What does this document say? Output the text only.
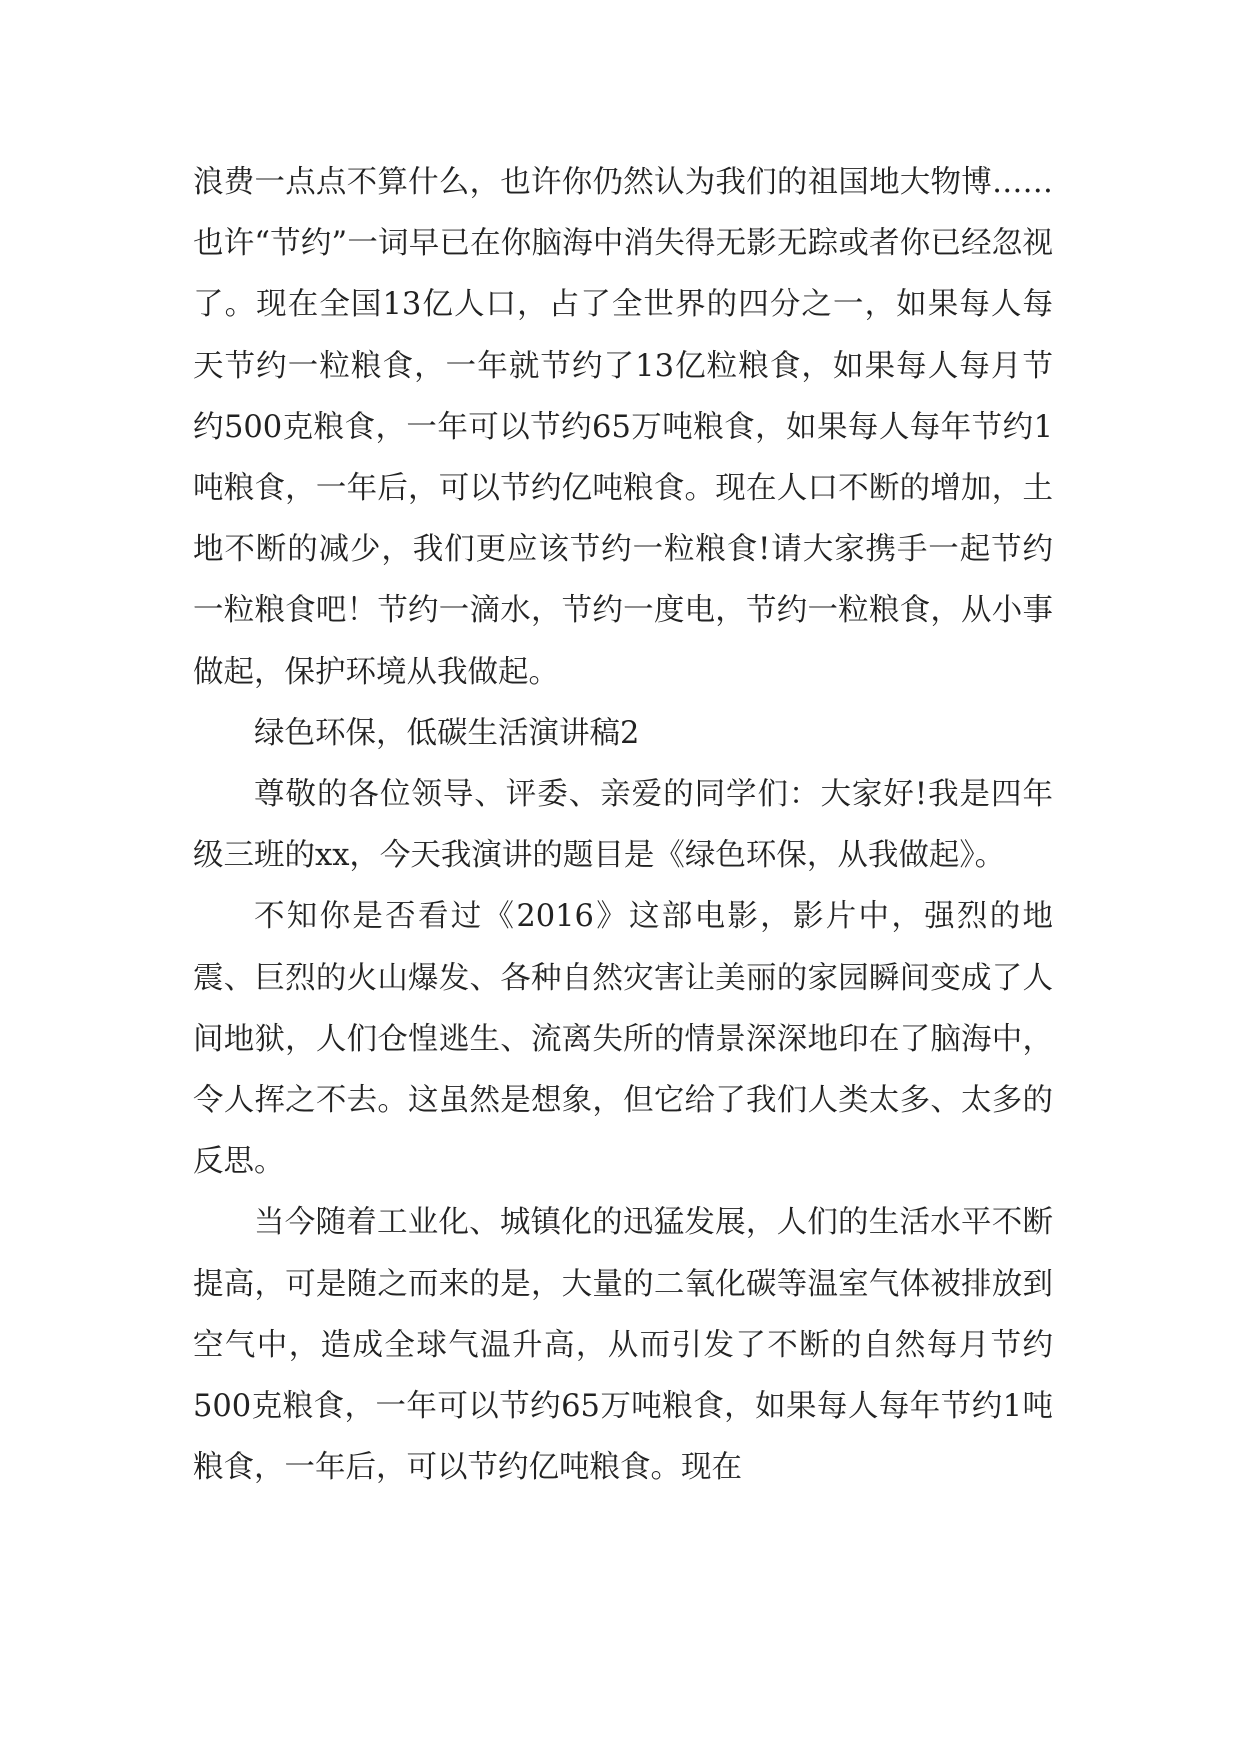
浪费一点点不算什么，也许你仍然认为我们的祖国地大物博……也许“节约”一词早已在你脑海中消失得无影无踪或者你已经忽视了。现在全国13亿人口，占了全世界的四分之一，如果每人每天节约一粒粮食，一年就节约了13亿粒粮食，如果每人每月节约500克粮食，一年可以节约65万吨粮食，如果每人每年节约1吨粮食，一年后，可以节约亿吨粮食。现在人口不断的增加，土地不断的减少，我们更应该节约一粒粮食!请大家携手一起节约一粒粮食吧！节约一滴水，节约一度电，节约一粒粮食，从小事做起，保护环境从我做起。

绿色环保，低碳生活演讲稿2

尊敬的各位领导、评委、亲爱的同学们：大家好!我是四年级三班的xx，今天我演讲的题目是《绿色环保，从我做起》。

不知你是否看过《2016》这部电影，影片中，强烈的地震、巨烈的火山爆发、各种自然灾害让美丽的家园瞬间变成了人间地狱，人们仓惶逃生、流离失所的情景深深地印在了脑海中，令人挥之不去。这虽然是想象，但它给了我们人类太多、太多的反思。

当今随着工业化、城镇化的迅猛发展，人们的生活水平不断提高，可是随之而来的是，大量的二氧化碳等温室气体被排放到空气中，造成全球气温升高，从而引发了不断的自然每月节约500克粮食，一年可以节约65万吨粮食，如果每人每年节约1吨粮食，一年后，可以节约亿吨粮食。现在
